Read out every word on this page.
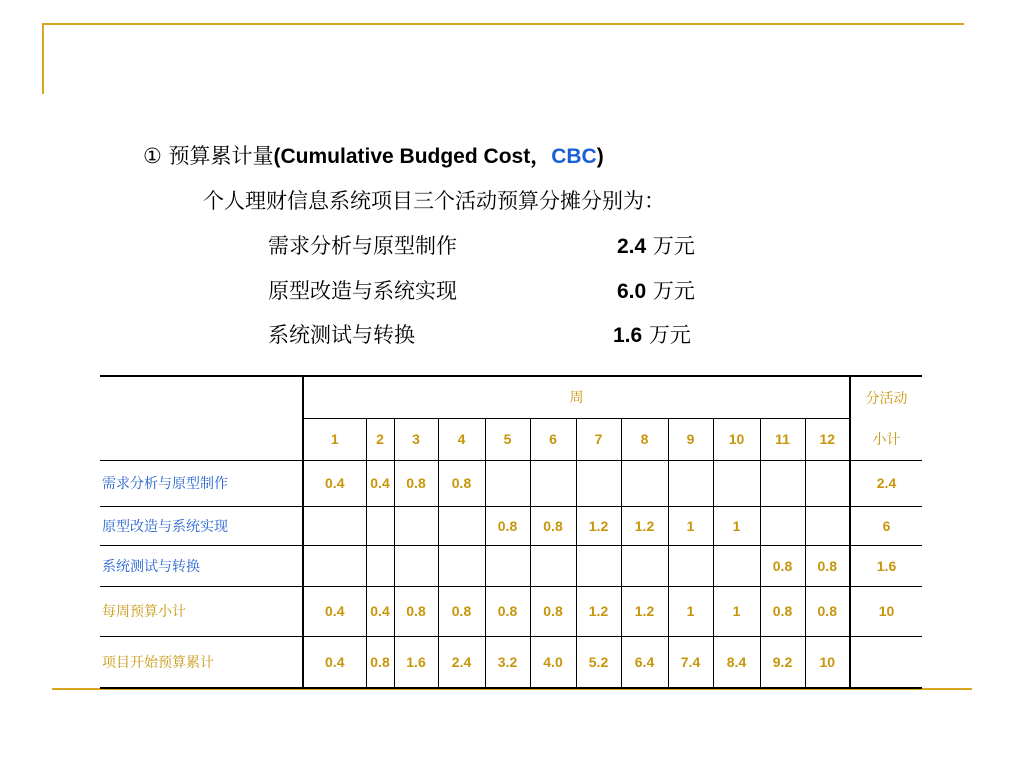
① 预算累计量(Cumulative Budged Cost，CBC)
个人理财信息系统项目三个活动预算分摊分别为：
需求分析与原型制作	2.4 万元
原型改造与系统实现	6.0 万元
系统测试与转换	1.6 万元
	周												分活动
	1	2	3	4	5	6	7	8	9	10	11	12	小计
需求分析与原型制作	0.4	0.4	0.8	0.8									2.4
原型改造与系统实现					0.8	0.8	1.2	1.2	1	1			6
系统测试与转换											0.8	0.8	1.6
每周预算小计	0.4	0.4	0.8	0.8	0.8	0.8	1.2	1.2	1	1	0.8	0.8	10
项目开始预算累计	0.4	0.8	1.6	2.4	3.2	4.0	5.2	6.4	7.4	8.4	9.2	10	
